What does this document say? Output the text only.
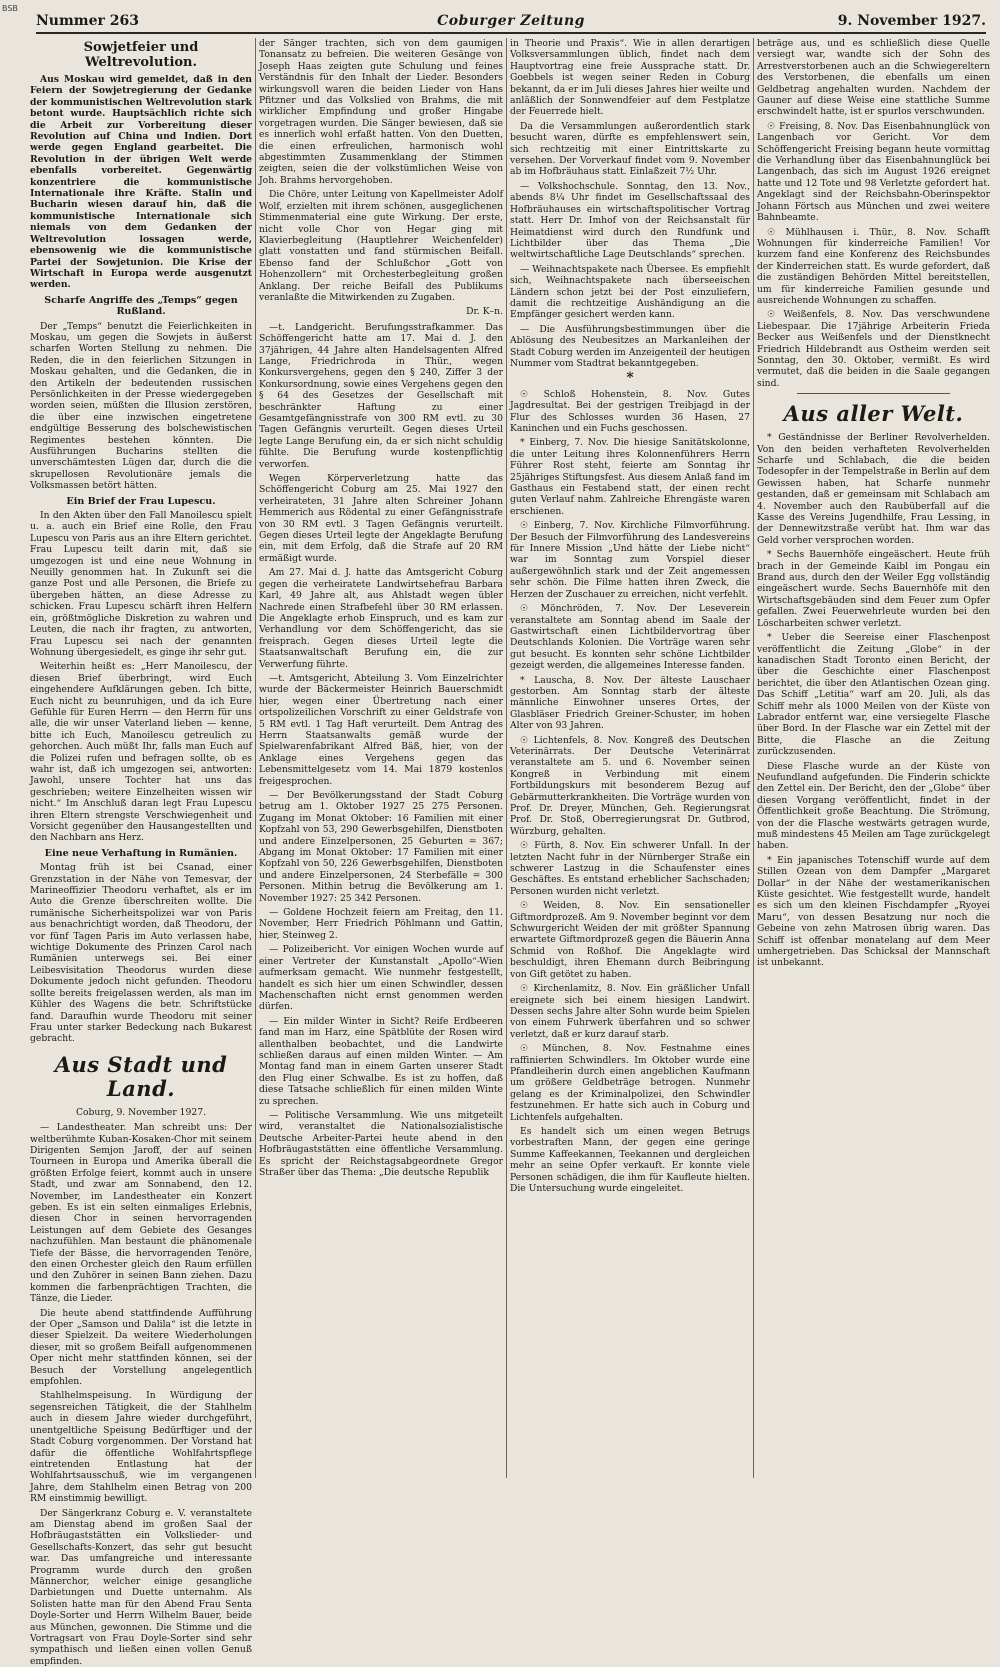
BSB
Nummer 263	Coburger Zeitung	9. November 1927.
Sowjetfeier und Weltrevolution.

Aus Moskau wird gemeldet, daß in den Feiern der Sowjetregierung der Gedanke der kommunistischen Weltrevolution stark betont wurde. Hauptsächlich richte sich die Arbeit zur Vorbereitung dieser Revolution auf China und Indien. Dort werde gegen England gearbeitet. Die Revolution in der übrigen Welt werde ebenfalls vorbereitet. Gegenwärtig konzentriere die kommunistische Internationale ihre Kräfte. Stalin und Bucharin wiesen darauf hin, daß die kommunistische Internationale sich niemals von dem Gedanken der Weltrevolution lossagen werde, ebensowenig wie die kommunistische Partei der Sowjetunion. Die Krise der Wirtschaft in Europa werde ausgenutzt werden.

Scharfe Angriffe des „Temps“ gegen Rußland.

Der „Temps“ benutzt die Feierlichkeiten in Moskau, um gegen die Sowjets in äußerst scharfen Worten Stellung zu nehmen. Die Reden, die in den feierlichen Sitzungen in Moskau gehalten, und die Gedanken, die in den Artikeln der bedeutenden russischen Persönlichkeiten in der Presse wiedergegeben worden seien, müßten die Illusion zerstören, die über eine inzwischen eingetretene endgültige Besserung des bolschewistischen Regimentes bestehen könnten. Die Ausführungen Bucharins stellten die unverschämtesten Lügen dar, durch die die skrupellosen Revolutionäre jemals die Volksmassen betört hätten.

Ein Brief der Frau Lupescu.

In den Akten über den Fall Manoilescu spielt u. a. auch ein Brief eine Rolle, den Frau Lupescu von Paris aus an ihre Eltern gerichtet. Frau Lupescu teilt darin mit, daß sie umgezogen ist und eine neue Wohnung in Neuilly genommen hat. In Zukunft sei die ganze Post und alle Personen, die Briefe zu übergeben hätten, an diese Adresse zu schicken. Frau Lupescu schärft ihren Helfern ein, größtmögliche Diskretion zu wahren und Leuten, die nach ihr fragten, zu antworten, Frau Lupescu sei nach der genannten Wohnung übergesiedelt, es ginge ihr sehr gut.

Weiterhin heißt es: „Herr Manoilescu, der diesen Brief überbringt, wird Euch eingehendere Aufklärungen geben. Ich bitte, Euch nicht zu beunruhigen, und da ich Eure Gefühle für Euren Herrn — den Herrn für uns alle, die wir unser Vaterland lieben — kenne, bitte ich Euch, Manoilescu getreulich zu gehorchen. Auch müßt Ihr, falls man Euch auf die Polizei rufen und befragen sollte, ob es wahr ist, daß ich umgezogen sei, antworten: Jawohl, unsere Tochter hat uns das geschrieben; weitere Einzelheiten wissen wir nicht.“ Im Anschluß daran legt Frau Lupescu ihren Eltern strengste Verschwiegenheit und Vorsicht gegenüber den Hausangestellten und den Nachbarn ans Herz.

Eine neue Verhaftung in Rumänien.

Montag früh ist bei Csanad, einer Grenzstation in der Nähe von Temesvar, der Marineoffizier Theodoru verhaftet, als er im Auto die Grenze überschreiten wollte. Die rumänische Sicherheitspolizei war von Paris aus benachrichtigt worden, daß Theodoru, der vor fünf Tagen Paris im Auto verlassen habe, wichtige Dokumente des Prinzen Carol nach Rumänien unterwegs sei. Bei einer Leibesvisitation Theodorus wurden diese Dokumente jedoch nicht gefunden. Theodoru sollte bereits freigelassen werden, als man im Kühler des Wagens die betr. Schriftstücke fand. Daraufhin wurde Theodoru mit seiner Frau unter starker Bedeckung nach Bukarest gebracht.

Aus Stadt und Land.
Coburg, 9. November 1927.

— Landestheater. Man schreibt uns: Der weltberühmte Kuban-Kosaken-Chor mit seinem Dirigenten Semjon Jaroff, der auf seinen Tourneen in Europa und Amerika überall die größten Erfolge feiert, kommt auch in unsere Stadt, und zwar am Sonnabend, den 12. November, im Landestheater ein Konzert geben. Es ist ein selten einmaliges Erlebnis, diesen Chor in seinen hervorragenden Leistungen auf dem Gebiete des Gesanges nachzufühlen. Man bestaunt die phänomenale Tiefe der Bässe, die hervorragenden Tenöre, den einen Orchester gleich den Raum erfüllen und den Zuhörer in seinen Bann ziehen. Dazu kommen die farbenprächtigen Trachten, die Tänze, die Lieder.

Die heute abend stattfindende Aufführung der Oper „Samson und Dalila“ ist die letzte in dieser Spielzeit. Da weitere Wiederholungen dieser, mit so großem Beifall aufgenommenen Oper nicht mehr stattfinden können, sei der Besuch der Vorstellung angelegentlich empfohlen.

Stahlhelmspeisung. In Würdigung der segensreichen Tätigkeit, die der Stahlhelm auch in diesem Jahre wieder durchgeführt, unentgeltliche Speisung Bedürftiger und der Stadt Coburg vorgenommen. Der Vorstand hat dafür die öffentliche Wohlfahrtspflege eintretenden Entlastung hat der Wohlfahrtsausschuß, wie im vergangenen Jahre, dem Stahlhelm einen Betrag von 200 RM einstimmig bewilligt.

Der Sängerkranz Coburg e. V. veranstaltete am Dienstag abend im großen Saal der Hofbräugaststätten ein Volkslieder- und Gesellschafts-Konzert, das sehr gut besucht war. Das umfangreiche und interessante Programm wurde durch den großen Männerchor, welcher einige gesangliche Darbietungen und Duette unternahm. Als Solisten hatte man für den Abend Frau Senta Doyle-Sorter und Herrn Wilhelm Bauer, beide aus München, gewonnen. Die Stimme und die Vortragsart von Frau Doyle-Sorter sind sehr sympathisch und ließen einen vollen Genuß empfinden.

der Sänger trachten, sich von dem gaumigen Tonansatz zu befreien. Die weiteren Gesänge von Joseph Haas zeigten gute Schulung und feines Verständnis für den Inhalt der Lieder. Besonders wirkungsvoll waren die beiden Lieder von Hans Pfitzner und das Volkslied von Brahms, die mit wirklicher Empfindung und großer Hingabe vorgetragen wurden. Die Sänger bewiesen, daß sie es innerlich wohl erfaßt hatten. Von den Duetten, die einen erfreulichen, harmonisch wohl abgestimmten Zusammenklang der Stimmen zeigten, seien die der volkstümlichen Weise von Joh. Brahms hervorgehoben.

Die Chöre, unter Leitung von Kapellmeister Adolf Wolf, erzielten mit ihrem schönen, ausgeglichenen Stimmenmaterial eine gute Wirkung. Der erste, nicht volle Chor von Hegar ging mit Klavierbegleitung (Hauptlehrer Weichenfelder) glatt vonstatten und fand stürmischen Beifall. Ebenso fand der Schlußchor „Gott von Hohenzollern“ mit Orchesterbegleitung großen Anklang. Der reiche Beifall des Publikums veranlaßte die Mitwirkenden zu Zugaben.

Dr. K–n.

—t. Landgericht. Berufungsstrafkammer. Das Schöffengericht hatte am 17. Mai d. J. den 37jährigen, 44 Jahre alten Handelsagenten Alfred Lange, Friedrichroda in Thür., wegen Konkursvergehens, gegen den § 240, Ziffer 3 der Konkursordnung, sowie eines Vergehens gegen den § 64 des Gesetzes der Gesellschaft mit beschränkter Haftung zu einer Gesamtgefängnisstrafe von 300 RM evtl. zu 30 Tagen Gefängnis verurteilt. Gegen dieses Urteil legte Lange Berufung ein, da er sich nicht schuldig fühlte. Die Berufung wurde kostenpflichtig verworfen.

Wegen Körperverletzung hatte das Schöffengericht Coburg am 25. Mai 1927 den verheirateten, 31 Jahre alten Schreiner Johann Hemmerich aus Rödental zu einer Gefängnisstrafe von 30 RM evtl. 3 Tagen Gefängnis verurteilt. Gegen dieses Urteil legte der Angeklagte Berufung ein, mit dem Erfolg, daß die Strafe auf 20 RM ermäßigt wurde.

Am 27. Mai d. J. hatte das Amtsgericht Coburg gegen die verheiratete Landwirtsehefrau Barbara Karl, 49 Jahre alt, aus Ahlstadt wegen übler Nachrede einen Strafbefehl über 30 RM erlassen. Die Angeklagte erhob Einspruch, und es kam zur Verhandlung vor dem Schöffengericht, das sie freisprach. Gegen dieses Urteil legte die Staatsanwaltschaft Berufung ein, die zur Verwerfung führte.

—t. Amtsgericht, Abteilung 3. Vom Einzelrichter wurde der Bäckermeister Heinrich Bauerschmidt hier, wegen einer Übertretung nach einer ortspolizeilichen Vorschrift zu einer Geldstrafe von 5 RM evtl. 1 Tag Haft verurteilt. Dem Antrag des Herrn Staatsanwalts gemäß wurde der Spielwarenfabrikant Alfred Bäß, hier, von der Anklage eines Vergehens gegen das Lebensmittelgesetz vom 14. Mai 1879 kostenlos freigesprochen.

— Der Bevölkerungsstand der Stadt Coburg betrug am 1. Oktober 1927 25 275 Personen. Zugang im Monat Oktober: 16 Familien mit einer Kopfzahl von 53, 290 Gewerbsgehilfen, Dienstboten und andere Einzelpersonen, 25 Geburten = 367; Abgang im Monat Oktober: 17 Familien mit einer Kopfzahl von 50, 226 Gewerbsgehilfen, Dienstboten und andere Einzelpersonen, 24 Sterbefälle = 300 Personen. Mithin betrug die Bevölkerung am 1. November 1927: 25 342 Personen.

— Goldene Hochzeit feiern am Freitag, den 11. November, Herr Friedrich Pöhlmann und Gattin, hier, Steinweg 2.

— Polizeibericht. Vor einigen Wochen wurde auf einer Vertreter der Kunstanstalt „Apollo“-Wien aufmerksam gemacht. Wie nunmehr festgestellt, handelt es sich hier um einen Schwindler, dessen Machenschaften nicht ernst genommen werden dürfen.

— Ein milder Winter in Sicht? Reife Erdbeeren fand man im Harz, eine Spätblüte der Rosen wird allenthalben beobachtet, und die Landwirte schließen daraus auf einen milden Winter. — Am Montag fand man in einem Garten unserer Stadt den Flug einer Schwalbe. Es ist zu hoffen, daß diese Tatsache schließlich für einen milden Winte zu sprechen.

— Politische Versammlung. Wie uns mitgeteilt wird, veranstaltet die Nationalsozialistische Deutsche Arbeiter-Partei heute abend in den Hofbräugaststätten eine öffentliche Versammlung. Es spricht der Reichstagsabgeordnete Gregor Straßer über das Thema: „Die deutsche Republik

in Theorie und Praxis“. Wie in allen derartigen Volksversammlungen üblich, findet nach dem Hauptvortrag eine freie Aussprache statt. Dr. Goebbels ist wegen seiner Reden in Coburg bekannt, da er im Juli dieses Jahres hier weilte und anläßlich der Sonnwendfeier auf dem Festplatze der Feuerrede hielt.

Da die Versammlungen außerordentlich stark besucht waren, dürfte es empfehlenswert sein, sich rechtzeitig mit einer Eintrittskarte zu versehen. Der Vorverkauf findet vom 9. November ab im Hofbräuhaus statt. Einlaßzeit 7½ Uhr.

— Volkshochschule. Sonntag, den 13. Nov., abends 8¼ Uhr findet im Gesellschaftssaal des Hofbräuhauses ein wirtschaftspolitischer Vortrag statt. Herr Dr. Imhof von der Reichsanstalt für Heimatdienst wird durch den Rundfunk und Lichtbilder über das Thema „Die weltwirtschaftliche Lage Deutschlands“ sprechen.

— Weihnachtspakete nach Übersee. Es empfiehlt sich, Weihnachtspakete nach überseeischen Ländern schon jetzt bei der Post einzuliefern, damit die rechtzeitige Aushändigung an die Empfänger gesichert werden kann.

— Die Ausführungsbestimmungen über die Ablösung des Neubesitzes an Markanleihen der Stadt Coburg werden im Anzeigenteil der heutigen Nummer vom Stadtrat bekanntgegeben.

*

☉ Schloß Hohenstein, 8. Nov. Gutes Jagdresultat. Bei der gestrigen Treibjagd in der Flur des Schlosses wurden 36 Hasen, 27 Kaninchen und ein Fuchs geschossen.

* Einberg, 7. Nov. Die hiesige Sanitätskolonne, die unter Leitung ihres Kolonnenführers Herrn Führer Rost steht, feierte am Sonntag ihr 25jähriges Stiftungsfest. Aus diesem Anlaß fand im Gasthaus ein Festabend statt, der einen recht guten Verlauf nahm. Zahlreiche Ehrengäste waren erschienen.

☉ Einberg, 7. Nov. Kirchliche Filmvorführung. Der Besuch der Filmvorführung des Landesvereins für Innere Mission „Und hätte der Liebe nicht“ war im Sonntag zum Vorspiel dieser außergewöhnlich stark und der Zeit angemessen sehr schön. Die Filme hatten ihren Zweck, die Herzen der Zuschauer zu erreichen, nicht verfehlt.

☉ Mönchröden, 7. Nov. Der Leseverein veranstaltete am Sonntag abend im Saale der Gastwirtschaft einen Lichtbildervortrag über Deutschlands Kolonien. Die Vorträge waren sehr gut besucht. Es konnten sehr schöne Lichtbilder gezeigt werden, die allgemeines Interesse fanden.

* Lauscha, 8. Nov. Der älteste Lauschaer gestorben. Am Sonntag starb der älteste männliche Einwohner unseres Ortes, der Glasbläser Friedrich Greiner-Schuster, im hohen Alter von 93 Jahren.

☉ Lichtenfels, 8. Nov. Kongreß des Deutschen Veterinärrats. Der Deutsche Veterinärrat veranstaltete am 5. und 6. November seinen Kongreß in Verbindung mit einem Fortbildungskurs mit besonderem Bezug auf Gebärmutterkrankheiten. Die Vorträge wurden von Prof. Dr. Dreyer, München, Geh. Regierungsrat Prof. Dr. Stoß, Oberregierungsrat Dr. Gutbrod, Würzburg, gehalten.

☉ Fürth, 8. Nov. Ein schwerer Unfall. In der letzten Nacht fuhr in der Nürnberger Straße ein schwerer Lastzug in die Schaufenster eines Geschäftes. Es entstand erheblicher Sachschaden; Personen wurden nicht verletzt.

☉ Weiden, 8. Nov. Ein sensationeller Giftmordprozeß. Am 9. November beginnt vor dem Schwurgericht Weiden der mit größter Spannung erwartete Giftmordprozeß gegen die Bäuerin Anna Schmid von Roßhof. Die Angeklagte wird beschuldigt, ihren Ehemann durch Beibringung von Gift getötet zu haben.

☉ Kirchenlamitz, 8. Nov. Ein gräßlicher Unfall ereignete sich bei einem hiesigen Landwirt. Dessen sechs Jahre alter Sohn wurde beim Spielen von einem Fuhrwerk überfahren und so schwer verletzt, daß er kurz darauf starb.

☉ München, 8. Nov. Festnahme eines raffinierten Schwindlers. Im Oktober wurde eine Pfandleiherin durch einen angeblichen Kaufmann um größere Geldbeträge betrogen. Nunmehr gelang es der Kriminalpolizei, den Schwindler festzunehmen. Er hatte sich auch in Coburg und Lichtenfels aufgehalten.

Es handelt sich um einen wegen Betrugs vorbestraften Mann, der gegen eine geringe Summe Kaffeekannen, Teekannen und dergleichen mehr an seine Opfer verkauft. Er konnte viele Personen schädigen, die ihm für Kaufleute hielten. Die Untersuchung wurde eingeleitet.

beträge aus, und es schließlich diese Quelle versiegt war, wandte sich der Sohn des Arrestverstorbenen auch an die Schwiegereltern des Verstorbenen, die ebenfalls um einen Geldbetrag angehalten wurden. Nachdem der Gauner auf diese Weise eine stattliche Summe erschwindelt hatte, ist er spurlos verschwunden.

☉ Freising, 8. Nov. Das Eisenbahnunglück von Langenbach vor Gericht. Vor dem Schöffengericht Freising begann heute vormittag die Verhandlung über das Eisenbahnunglück bei Langenbach, das sich im August 1926 ereignet hatte und 12 Tote und 98 Verletzte gefordert hat. Angeklagt sind der Reichsbahn-Oberinspektor Johann Förtsch aus München und zwei weitere Bahnbeamte.

☉ Mühlhausen i. Thür., 8. Nov. Schafft Wohnungen für kinderreiche Familien! Vor kurzem fand eine Konferenz des Reichsbundes der Kinderreichen statt. Es wurde gefordert, daß die zuständigen Behörden Mittel bereitstellen, um für kinderreiche Familien gesunde und ausreichende Wohnungen zu schaffen.

☉ Weißenfels, 8. Nov. Das verschwundene Liebespaar. Die 17jährige Arbeiterin Frieda Becker aus Weißenfels und der Dienstknecht Friedrich Hildebrandt aus Ostheim werden seit Sonntag, den 30. Oktober, vermißt. Es wird vermutet, daß die beiden in die Saale gegangen sind.

Aus aller Welt.

* Geständnisse der Berliner Revolverhelden. Von den beiden verhafteten Revolverhelden Scharfe und Schlabach, die die beiden Todesopfer in der Tempelstraße in Berlin auf dem Gewissen haben, hat Scharfe nunmehr gestanden, daß er gemeinsam mit Schlabach am 4. November auch den Raubüberfall auf die Kasse des Vereins Jugendhilfe, Frau Lessing, in der Dennewitzstraße verübt hat. Ihm war das Geld vorher versprochen worden.

* Sechs Bauernhöfe eingeäschert. Heute früh brach in der Gemeinde Kaibl im Pongau ein Brand aus, durch den der Weiler Egg vollständig eingeäschert wurde. Sechs Bauernhöfe mit den Wirtschaftsgebäuden sind dem Feuer zum Opfer gefallen. Zwei Feuerwehrleute wurden bei den Löscharbeiten schwer verletzt.

* Ueber die Seereise einer Flaschenpost veröffentlicht die Zeitung „Globe“ in der kanadischen Stadt Toronto einen Bericht, der über die Geschichte einer Flaschenpost berichtet, die über den Atlantischen Ozean ging. Das Schiff „Letitia“ warf am 20. Juli, als das Schiff mehr als 1000 Meilen von der Küste von Labrador entfernt war, eine versiegelte Flasche über Bord. In der Flasche war ein Zettel mit der Bitte, die Flasche an die Zeitung zurückzusenden.

Diese Flasche wurde an der Küste von Neufundland aufgefunden. Die Finderin schickte den Zettel ein. Der Bericht, den der „Globe“ über diesen Vorgang veröffentlicht, findet in der Öffentlichkeit große Beachtung. Die Strömung, von der die Flasche westwärts getragen wurde, muß mindestens 45 Meilen am Tage zurückgelegt haben.

* Ein japanisches Totenschiff wurde auf dem Stillen Ozean von dem Dampfer „Margaret Dollar“ in der Nähe der westamerikanischen Küste gesichtet. Wie festgestellt wurde, handelt es sich um den kleinen Fischdampfer „Ryoyei Maru“, von dessen Besatzung nur noch die Gebeine von zehn Matrosen übrig waren. Das Schiff ist offenbar monatelang auf dem Meer umhergetrieben. Das Schicksal der Mannschaft ist unbekannt.
